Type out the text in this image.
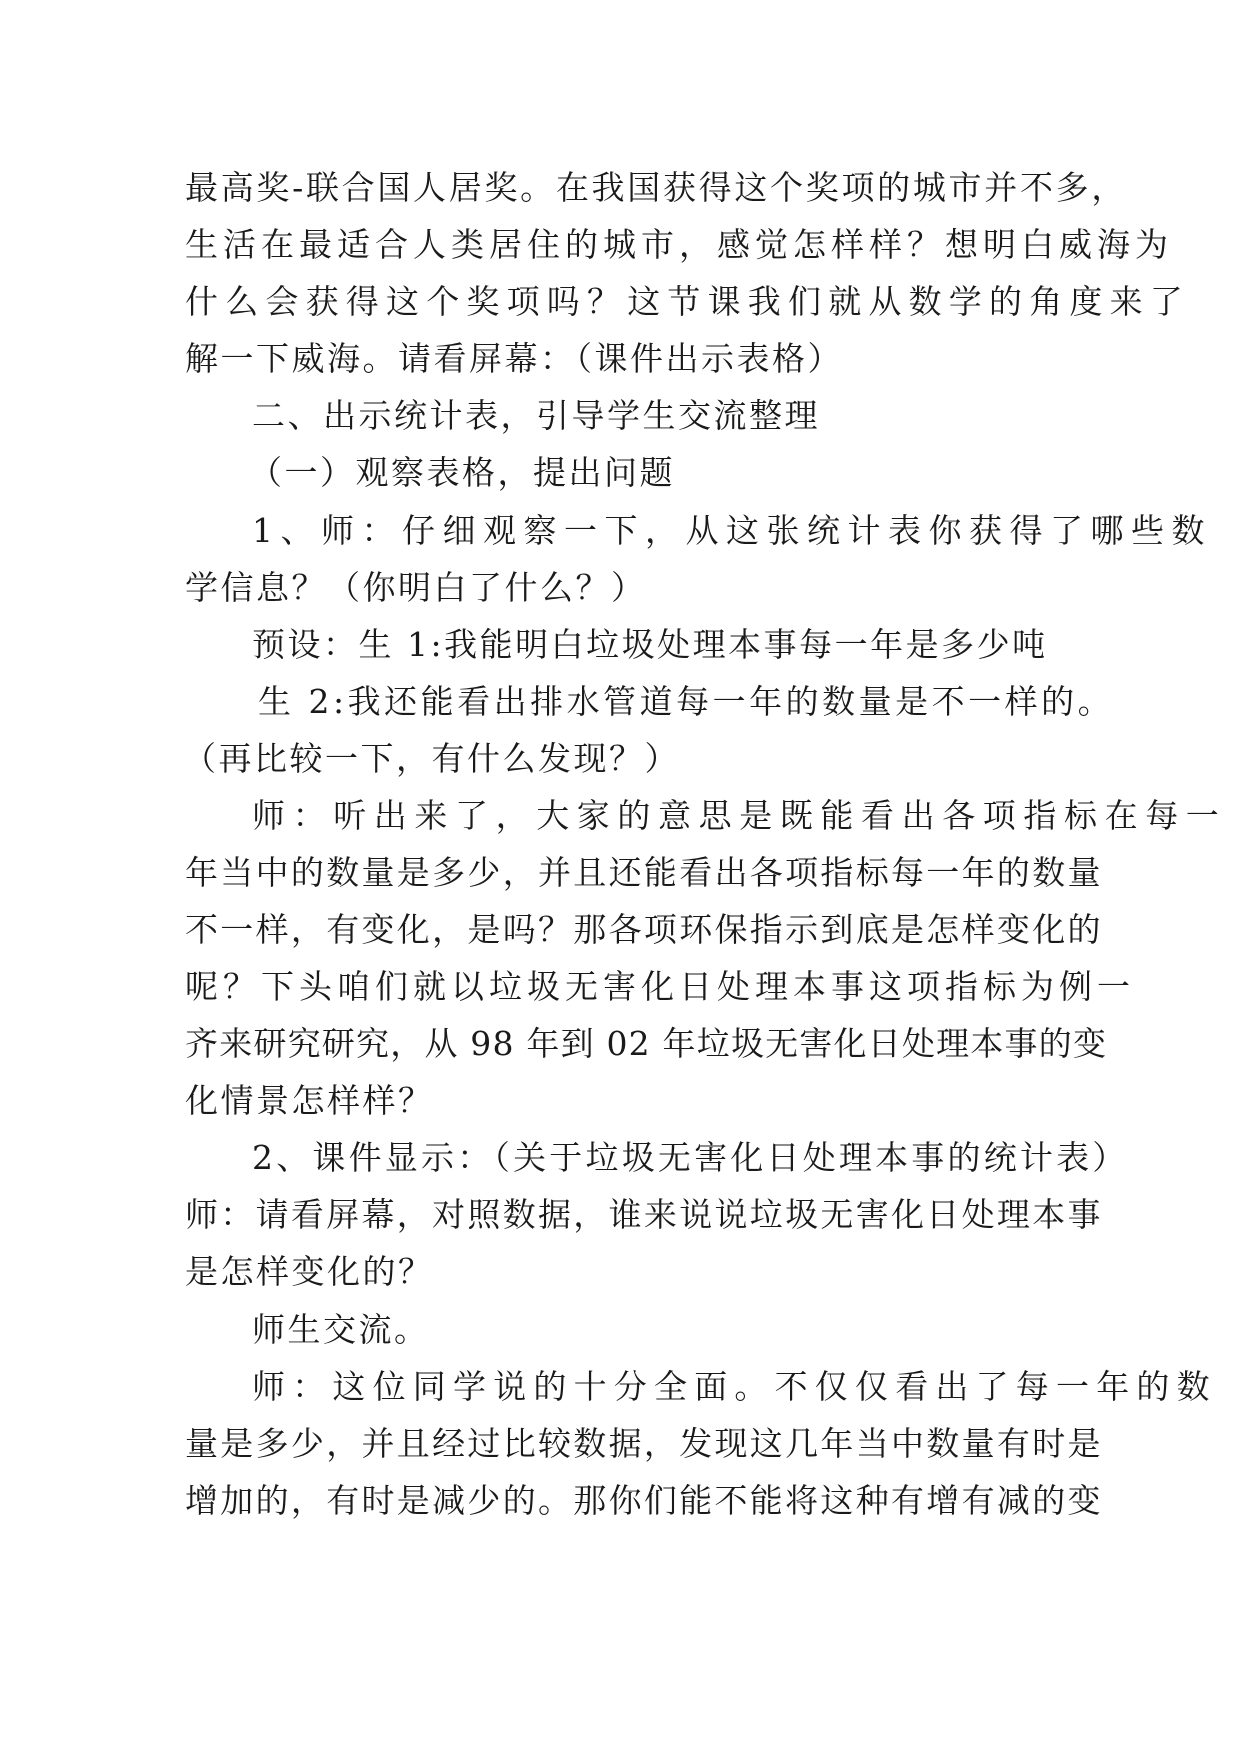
最高奖-联合国人居奖。在我国获得这个奖项的城市并不多，
生活在最适合人类居住的城市，感觉怎样样？想明白威海为
什么会获得这个奖项吗？这节课我们就从数学的角度来了
解一下威海。请看屏幕：（课件出示表格）
二、出示统计表，引导学生交流整理
（一）观察表格，提出问题
1、师：仔细观察一下，从这张统计表你获得了哪些数
学信息？（你明白了什么？）
预设：生 1:我能明白垃圾处理本事每一年是多少吨
生 2:我还能看出排水管道每一年的数量是不一样的。
（再比较一下，有什么发现？）
师：听出来了，大家的意思是既能看出各项指标在每一
年当中的数量是多少，并且还能看出各项指标每一年的数量
不一样，有变化，是吗？那各项环保指示到底是怎样变化的
呢？下头咱们就以垃圾无害化日处理本事这项指标为例一
齐来研究研究，从 98 年到 02 年垃圾无害化日处理本事的变
化情景怎样样？
2、课件显示：（关于垃圾无害化日处理本事的统计表）
师：请看屏幕，对照数据，谁来说说垃圾无害化日处理本事
是怎样变化的？
师生交流。
师：这位同学说的十分全面。不仅仅看出了每一年的数
量是多少，并且经过比较数据，发现这几年当中数量有时是
增加的，有时是减少的。那你们能不能将这种有增有减的变
